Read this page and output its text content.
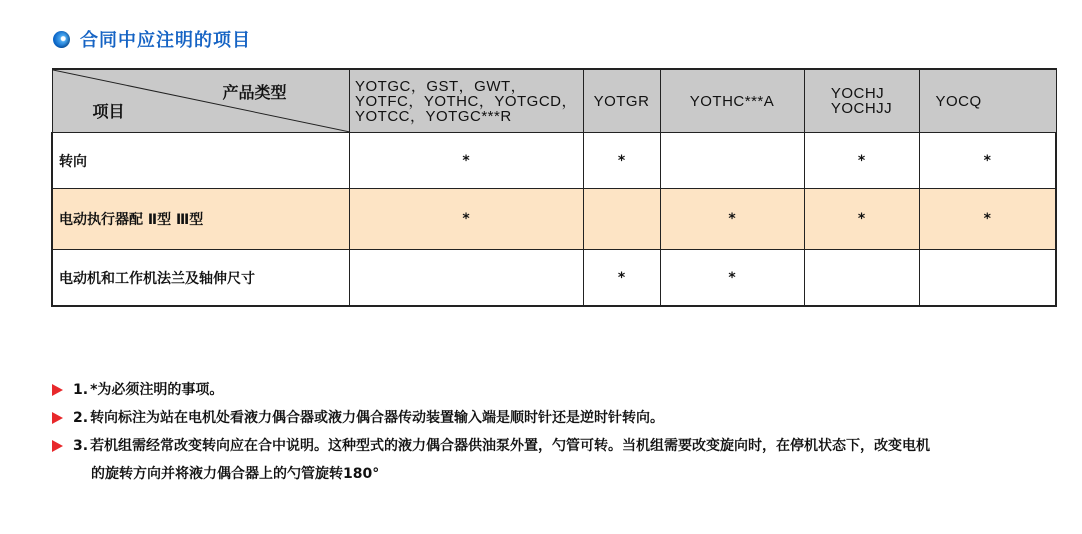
合同中应注明的项目
产品类型
项目	YOTGC，GST，GWT，
YOTFC，YOTHC，YOTGCD，
YOTCC，YOTGC***R	YOTGR	YOTHC***A	YOCHJ
YOCHJJ	YOCQ
转向	*	*		*	*
电动执行器配 Ⅱ型 Ⅲ型	*		*	*	*
电动机和工作机法兰及轴伸尺寸		*	*		
1. *为必须注明的事项。
2. 转向标注为站在电机处看液力偶合器或液力偶合器传动装置输入端是顺时针还是逆时针转向。
3. 若机组需经常改变转向应在合中说明。这种型式的液力偶合器供油泵外置，勺管可转。当机组需要改变旋向时，在停机状态下，改变电机
的旋转方向并将液力偶合器上的勺管旋转180°
